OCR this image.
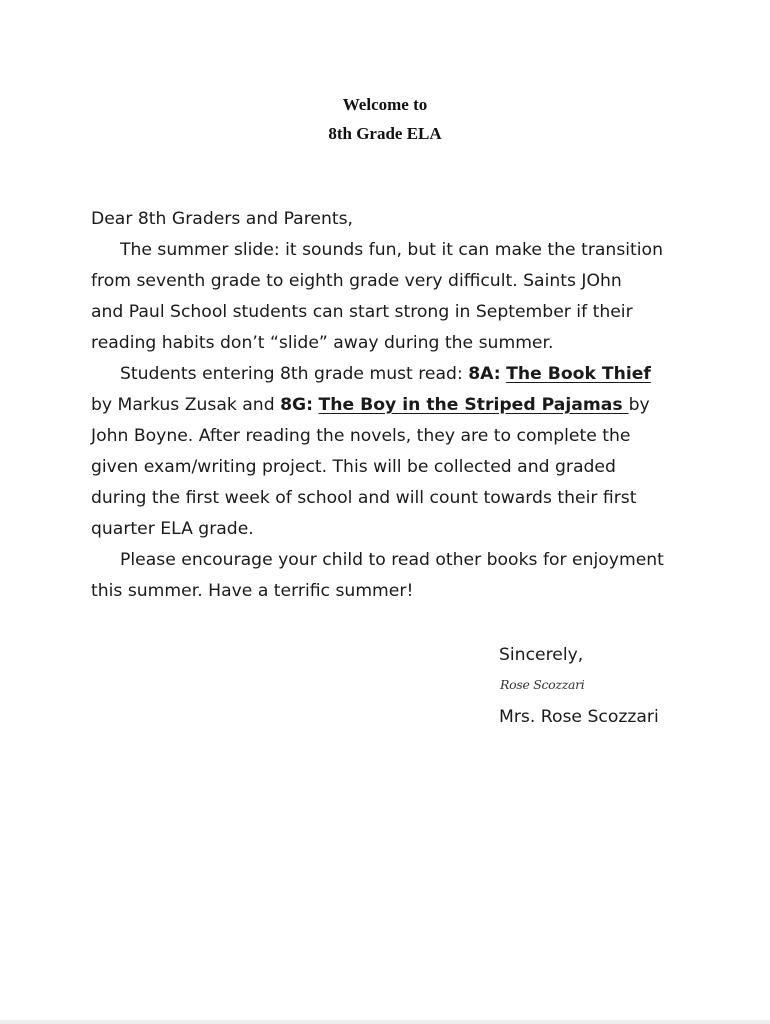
Welcome to
8th Grade ELA
Dear 8th Graders and Parents,
The summer slide: it sounds fun, but it can make the transition
from seventh grade to eighth grade very difficult. Saints JOhn
and Paul School students can start strong in September if their
reading habits don’t “slide” away during the summer.
Students entering 8th grade must read: 8A: The Book Thief
by Markus Zusak and 8G: The Boy in the Striped Pajamas by
John Boyne. After reading the novels, they are to complete the
given exam/writing project. This will be collected and graded
during the first week of school and will count towards their first
quarter ELA grade.
Please encourage your child to read other books for enjoyment
this summer. Have a terrific summer!
Sincerely,
Rose Scozzari
Mrs. Rose Scozzari
